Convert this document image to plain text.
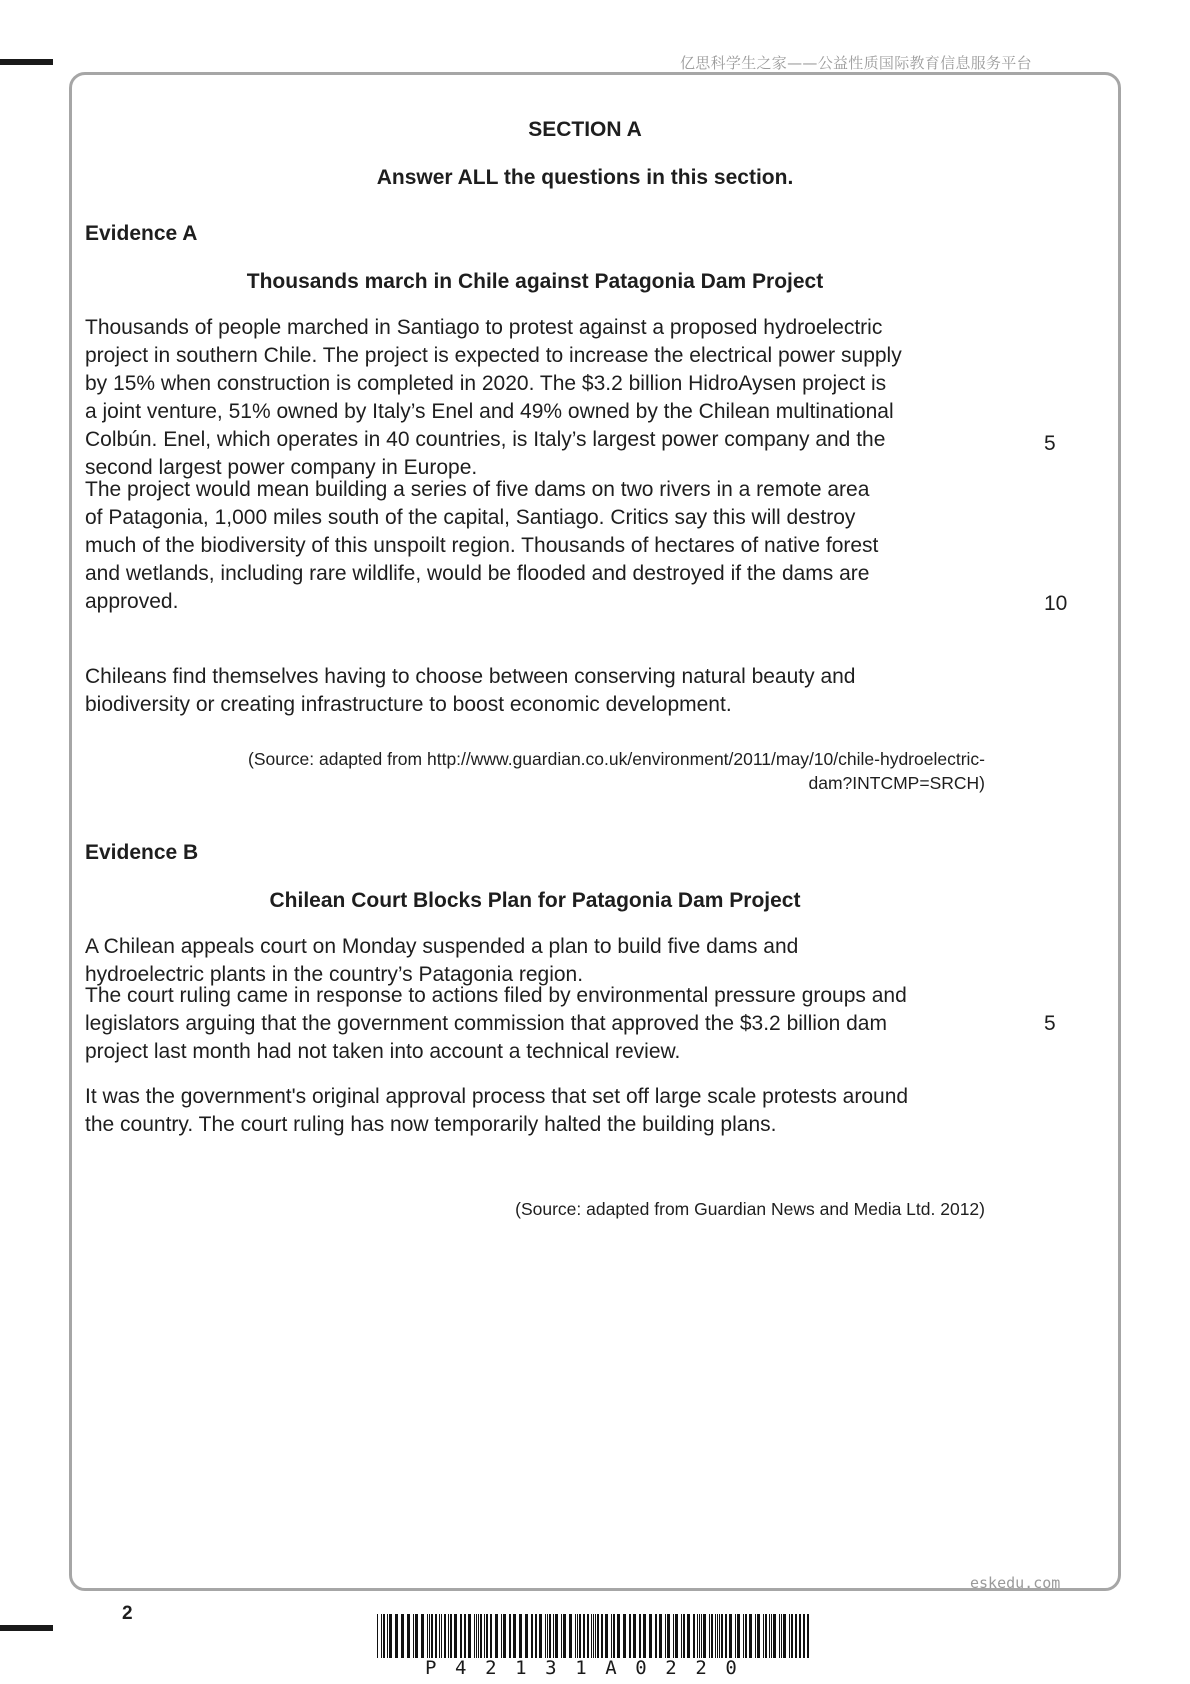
亿思科学生之家——公益性质国际教育信息服务平台
SECTION A

Answer ALL the questions in this section.

Evidence A
Thousands march in Chile against Patagonia Dam Project

Thousands of people marched in Santiago to protest against a proposed hydroelectric
project in southern Chile. The project is expected to increase the electrical power supply
by 15% when construction is completed in 2020. The $3.2 billion HidroAysen project is
a joint venture, 51% owned by Italy’s Enel and 49% owned by the Chilean multinational
Colbún. Enel, which operates in 40 countries, is Italy’s largest power company and the
second largest power company in Europe.

5

The project would mean building a series of five dams on two rivers in a remote area
of Patagonia, 1,000 miles south of the capital, Santiago. Critics say this will destroy
much of the biodiversity of this unspoilt region. Thousands of hectares of native forest
and wetlands, including rare wildlife, would be flooded and destroyed if the dams are
approved.	10

Chileans find themselves having to choose between conserving natural beauty and
biodiversity or creating infrastructure to boost economic development.

(Source: adapted from http://www.guardian.co.uk/environment/2011/may/10/chile-hydroelectric-
dam?INTCMP=SRCH)

Evidence B
Chilean Court Blocks Plan for Patagonia Dam Project

A Chilean appeals court on Monday suspended a plan to build five dams and
hydroelectric plants in the country’s Patagonia region.

The court ruling came in response to actions filed by environmental pressure groups and
legislators arguing that the government commission that approved the $3.2 billion dam
project last month had not taken into account a technical review.

5

It was the government's original approval process that set off large scale protests around
the country. The court ruling has now temporarily halted the building plans.

(Source: adapted from Guardian News and Media Ltd. 2012)

eskedu.com
2
P42131A0220
